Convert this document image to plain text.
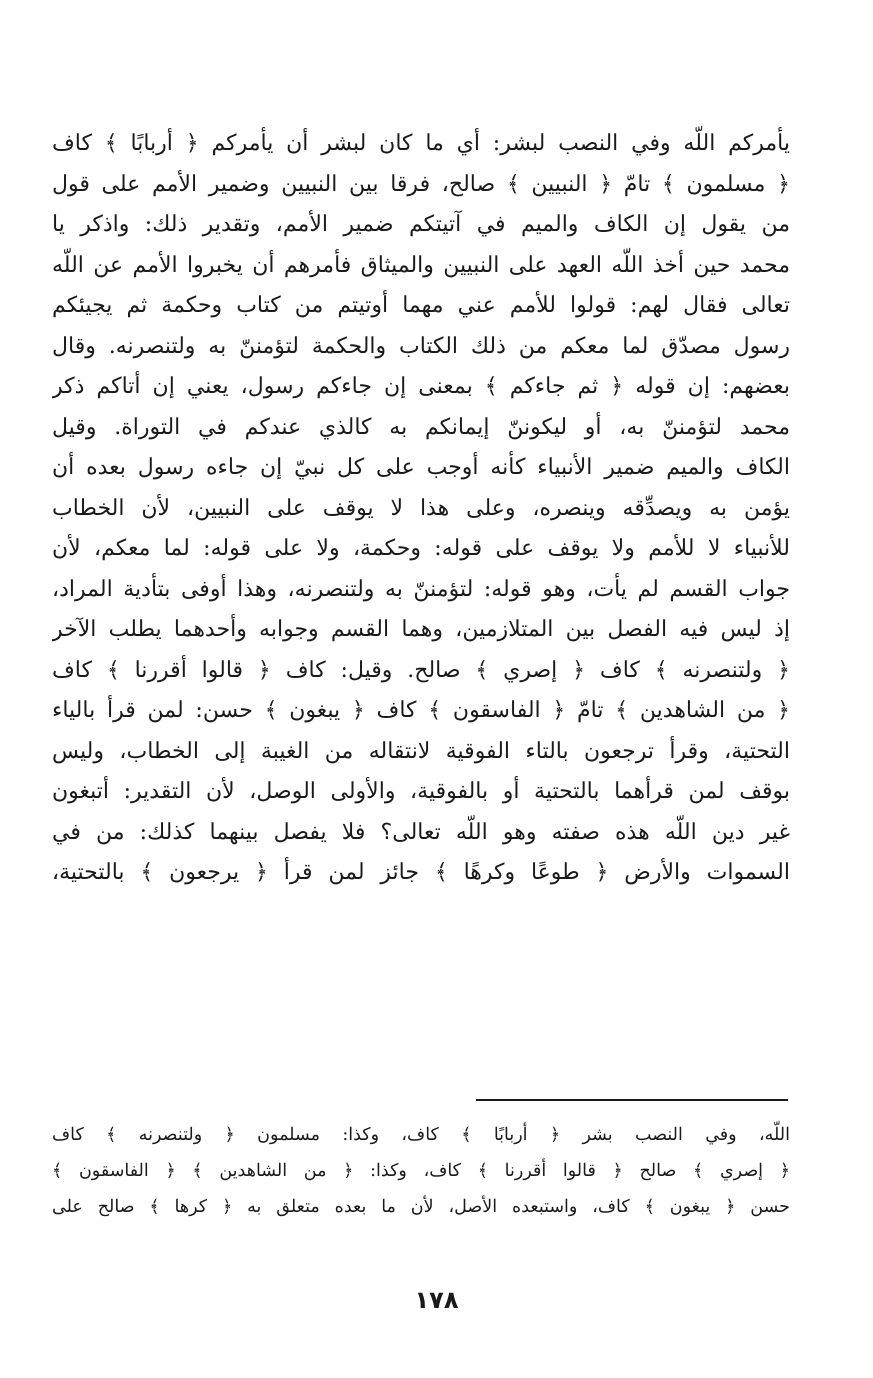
يأمركم اللّه وفي النصب لبشر: أي ما كان لبشر أن يأمركم ﴿ أربابًا ﴾ كاف
﴿ مسلمون ﴾ تامّ ﴿ النبيين ﴾ صالح، فرقا بين النبيين وضمير الأمم على قول
من يقول إن الكاف والميم في آتيتكم ضمير الأمم، وتقدير ذلك: واذكر يا
محمد حين أخذ اللّه العهد على النبيين والميثاق فأمرهم أن يخبروا الأمم عن اللّه
تعالى فقال لهم: قولوا للأمم عني مهما أوتيتم من كتاب وحكمة ثم يجيئكم
رسول مصدّق لما معكم من ذلك الكتاب والحكمة لتؤمننّ به ولتنصرنه. وقال
بعضهم: إن قوله ﴿ ثم جاءكم ﴾ بمعنى إن جاءكم رسول، يعني إن أتاكم ذكر
محمد لتؤمننّ به، أو ليكوننّ إيمانكم به كالذي عندكم في التوراة. وقيل
الكاف والميم ضمير الأنبياء كأنه أوجب على كل نبيّ إن جاءه رسول بعده أن
يؤمن به ويصدِّقه وينصره، وعلى هذا لا يوقف على النبيين، لأن الخطاب
للأنبياء لا للأمم ولا يوقف على قوله: وحكمة، ولا على قوله: لما معكم، لأن
جواب القسم لم يأت، وهو قوله: لتؤمننّ به ولتنصرنه، وهذا أوفى بتأدية المراد،
إذ ليس فيه الفصل بين المتلازمين، وهما القسم وجوابه وأحدهما يطلب الآخر
﴿ ولتنصرنه ﴾ كاف ﴿ إصري ﴾ صالح. وقيل: كاف ﴿ قالوا أقررنا ﴾ كاف
﴿ من الشاهدين ﴾ تامّ ﴿ الفاسقون ﴾ كاف ﴿ يبغون ﴾ حسن: لمن قرأ بالياء
التحتية، وقرأ ترجعون بالتاء الفوقية لانتقاله من الغيبة إلى الخطاب، وليس
بوقف لمن قرأهما بالتحتية أو بالفوقية، والأولى الوصل، لأن التقدير: أتبغون
غير دين اللّه هذه صفته وهو اللّه تعالى؟ فلا يفصل بينهما كذلك: من في
السموات والأرض ﴿ طوعًا وكرهًا ﴾ جائز لمن قرأ ﴿ يرجعون ﴾ بالتحتية،
اللّه، وفي النصب بشر ﴿ أربابًا ﴾ كاف، وكذا: مسلمون ﴿ ولتنصرنه ﴾ كاف
﴿ إصري ﴾ صالح ﴿ قالوا أقررنا ﴾ كاف، وكذا: ﴿ من الشاهدين ﴾ ﴿ الفاسقون ﴾
حسن ﴿ يبغون ﴾ كاف، واستبعده الأصل، لأن ما بعده متعلق به ﴿ كرها ﴾ صالح على
١٧٨
